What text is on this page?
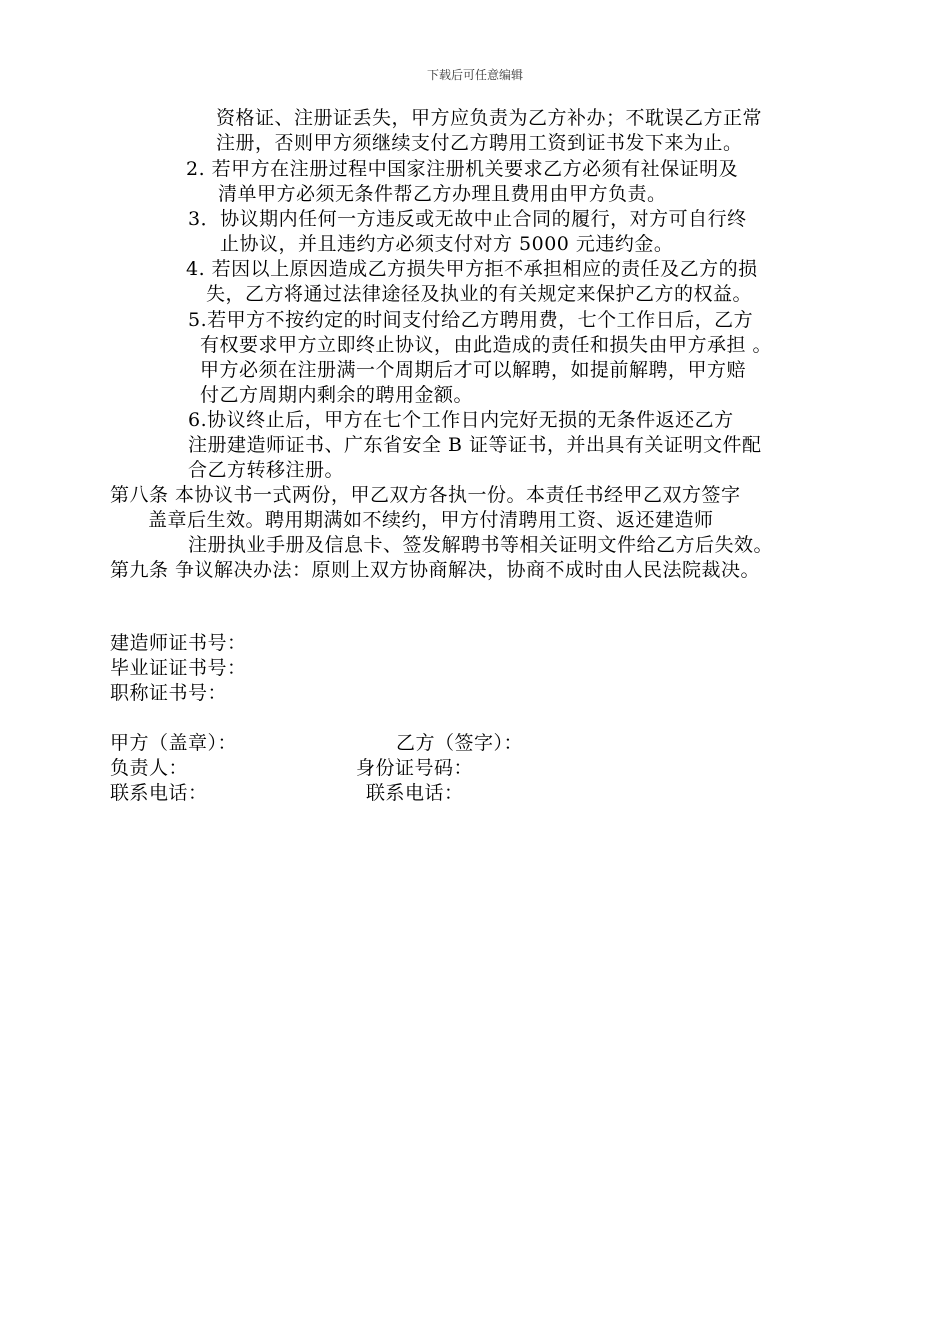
下载后可任意编辑
资格证、注册证丢失，甲方应负责为乙方补办；不耽误乙方正常
注册，否则甲方须继续支付乙方聘用工资到证书发下来为止。
2. 若甲方在注册过程中国家注册机关要求乙方必须有社保证明及
清单甲方必须无条件帮乙方办理且费用由甲方负责。
3．协议期内任何一方违反或无故中止合同的履行，对方可自行终
止协议，并且违约方必须支付对方 5000 元违约金。
4. 若因以上原因造成乙方损失甲方拒不承担相应的责任及乙方的损
失，乙方将通过法律途径及执业的有关规定来保护乙方的权益。
5.若甲方不按约定的时间支付给乙方聘用费，七个工作日后，乙方
有权要求甲方立即终止协议，由此造成的责任和损失由甲方承担 。
甲方必须在注册满一个周期后才可以解聘，如提前解聘，甲方赔
付乙方周期内剩余的聘用金额。
6.协议终止后，甲方在七个工作日内完好无损的无条件返还乙方
注册建造师证书、广东省安全 B 证等证书，并出具有关证明文件配
合乙方转移注册。
第八条 本协议书一式两份，甲乙双方各执一份。本责任书经甲乙双方签字
盖章后生效。聘用期满如不续约，甲方付清聘用工资、返还建造师
注册执业手册及信息卡、签发解聘书等相关证明文件给乙方后失效。
第九条 争议解决办法：原则上双方协商解决，协商不成时由人民法院裁决。
建造师证书号：
毕业证证书号：
职称证书号：
甲方（盖章）：	乙方（签字）：
负责人：	身份证号码：
联系电话：	联系电话：
